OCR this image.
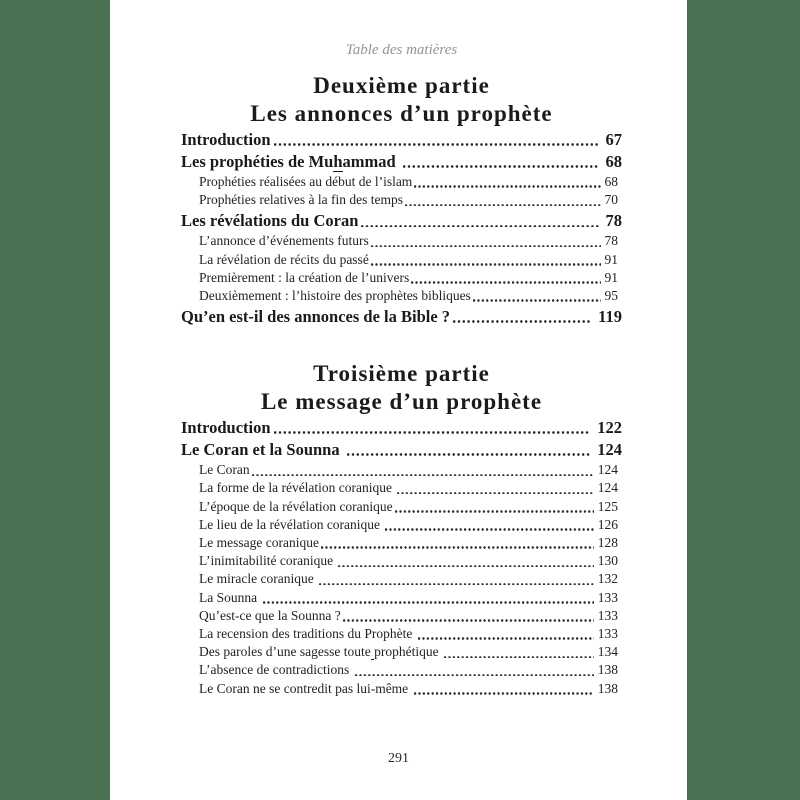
Table des matières
Deuxième partie
Les annonces d’un prophète
Introduction	67
Les prophéties de Muhammad	68
Prophéties réalisées au début de l’islam	68
Prophéties relatives à la fin des temps	70
Les révélations du Coran	78
L’annonce d’événements futurs	78
La révélation de récits du passé	91
Premièrement : la création de l’univers	91
Deuxièmement : l’histoire des prophètes bibliques	95
Qu’en est-il des annonces de la Bible ?	119
Troisième partie
Le message d’un prophète
Introduction	122
Le Coran et la Sounna	124
Le Coran	124
La forme de la révélation coranique	124
L’époque de la révélation coranique	125
Le lieu de la révélation coranique	126
Le message coranique	128
L’inimitabilité coranique	130
Le miracle coranique	132
La Sounna	133
Qu’est-ce que la Sounna ?	133
La recension des traditions du Prophète	133
Des paroles d’une sagesse toute prophétique	134
L’absence de contradictions	138
Le Coran ne se contredit pas lui-même	138
291
